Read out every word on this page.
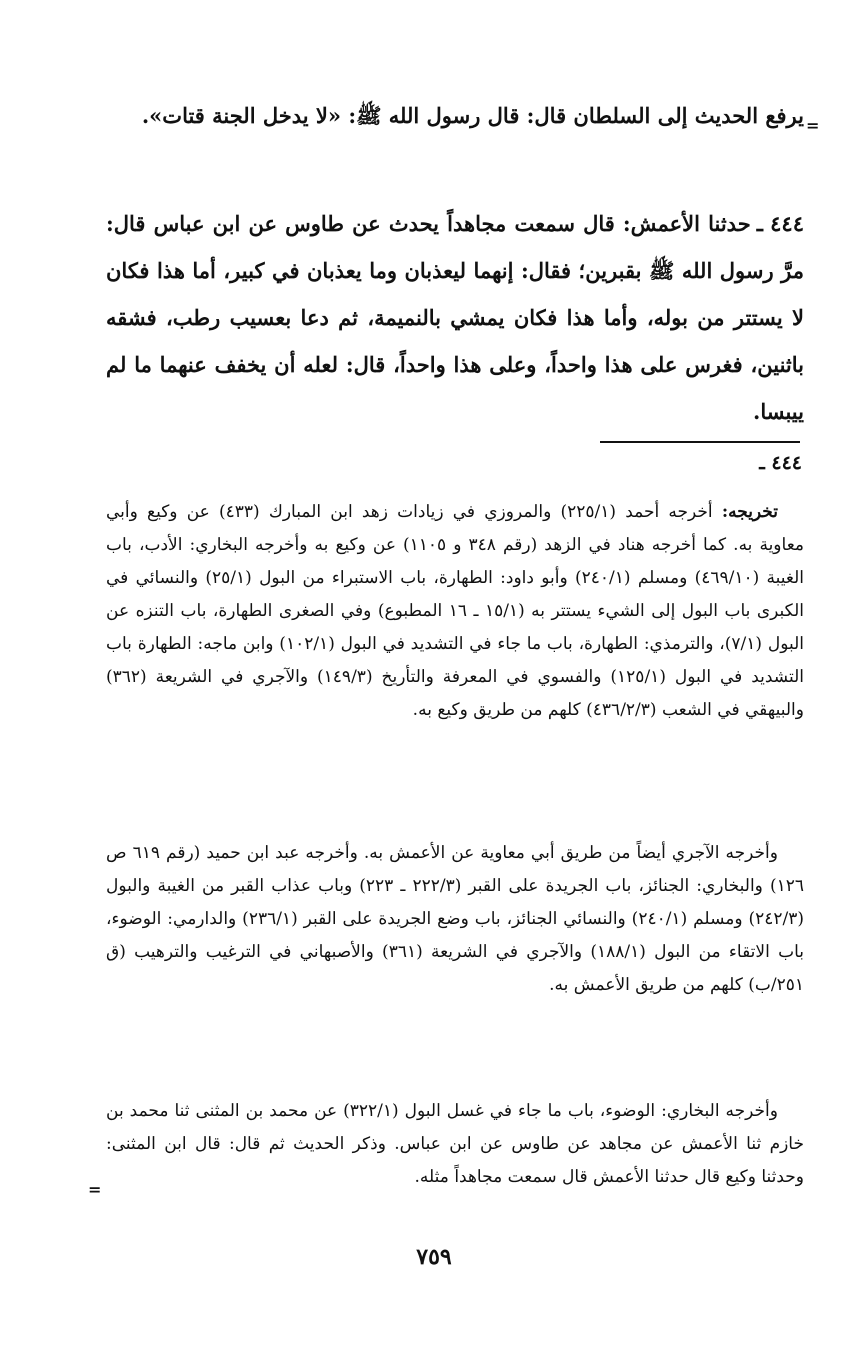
=

يرفع الحديث إلى السلطان قال: قال رسول الله ﷺ: «لا يدخل الجنة قتات».

٤٤٤ ـحدثنا الأعمش: قال سمعت مجاهداً يحدث عن طاوس عن ابن عباس قال: مرَّ رسول الله ﷺ بقبرين؛ فقال: إنهما ليعذبان وما يعذبان في كبير، أما هذا فكان لا يستتر من بوله، وأما هذا فكان يمشي بالنميمة، ثم دعا بعسيب رطب، فشقه باثنين، فغرس على هذا واحداً، وعلى هذا واحداً، قال: لعله أن يخفف عنهما ما لم ييبسا.

٤٤٤ ـ

تخريجه: أخرجه أحمد (٢٢٥/١) والمروزي في زيادات زهد ابن المبارك (٤٣٣) عن وكيع وأبي معاوية به. كما أخرجه هناد في الزهد (رقم ٣٤٨ و ١١٠٥) عن وكيع به وأخرجه البخاري: الأدب، باب الغيبة (٤٦٩/١٠) ومسلم (٢٤٠/١) وأبو داود: الطهارة، باب الاستبراء من البول (٢٥/١) والنسائي في الكبرى باب البول إلى الشيء يستتر به (١٥/١ ـ ١٦ المطبوع) وفي الصغرى الطهارة، باب التنزه عن البول (٧/١)، والترمذي: الطهارة، باب ما جاء في التشديد في البول (١٠٢/١) وابن ماجه: الطهارة باب التشديد في البول (١٢٥/١) والفسوي في المعرفة والتأريخ (١٤٩/٣) والآجري في الشريعة (٣٦٢) والبيهقي في الشعب (٤٣٦/٢/٣) كلهم من طريق وكيع به.

وأخرجه الآجري أيضاً من طريق أبي معاوية عن الأعمش به. وأخرجه عبد ابن حميد (رقم ٦١٩ ص ١٢٦) والبخاري: الجنائز، باب الجريدة على القبر (٢٢٢/٣ ـ ٢٢٣) وباب عذاب القبر من الغيبة والبول (٢٤٢/٣) ومسلم (٢٤٠/١) والنسائي الجنائز، باب وضع الجريدة على القبر (٢٣٦/١) والدارمي: الوضوء، باب الاتقاء من البول (١٨٨/١) والآجري في الشريعة (٣٦١) والأصبهاني في الترغيب والترهيب (ق ٢٥١/ب) كلهم من طريق الأعمش به.

وأخرجه البخاري: الوضوء، باب ما جاء في غسل البول (٣٢٢/١) عن محمد بن المثنى ثنا محمد بن خازم ثنا الأعمش عن مجاهد عن طاوس عن ابن عباس. وذكر الحديث ثم قال: قال ابن المثنى: وحدثنا وكيع قال حدثنا الأعمش قال سمعت مجاهداً مثله.

=
٧٥٩
